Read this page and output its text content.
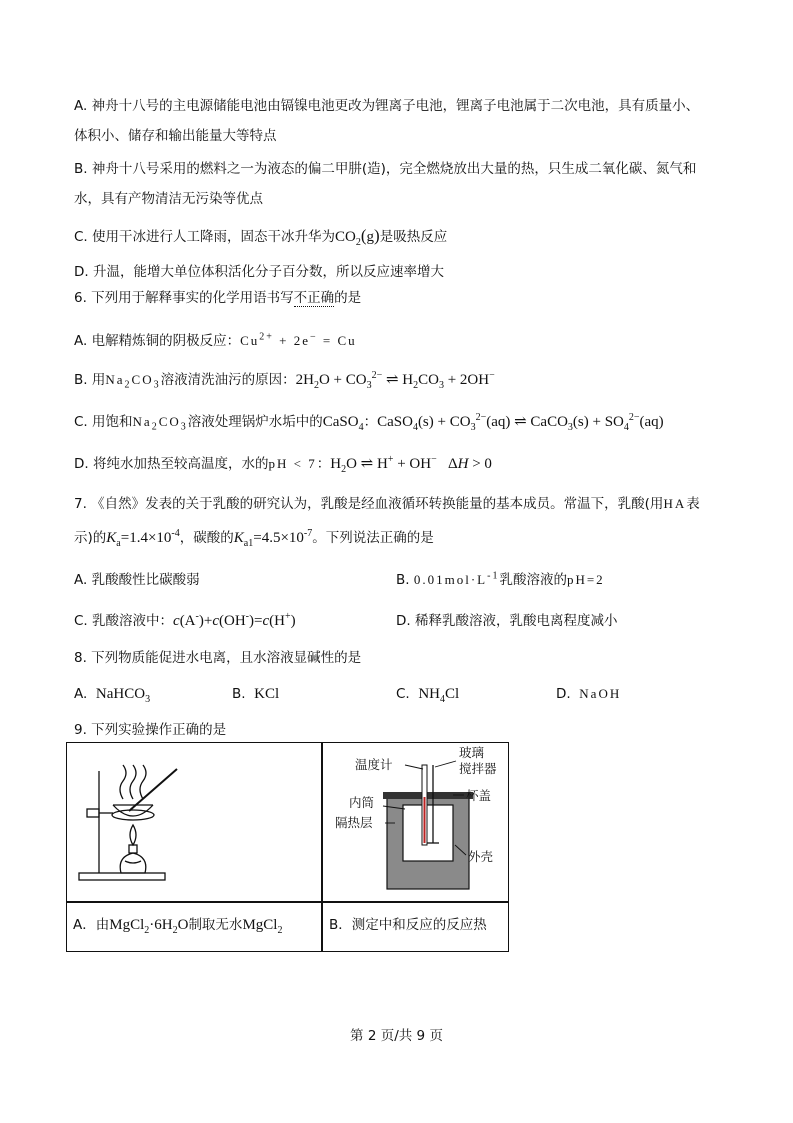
A. 神舟十八号的主电源储能电池由镉镍电池更改为锂离子电池，锂离子电池属于二次电池，具有质量小、
体积小、储存和输出能量大等特点
B. 神舟十八号采用的燃料之一为液态的偏二甲肼(造)，完全燃烧放出大量的热，只生成二氧化碳、氮气和
水，具有产物清洁无污染等优点
C. 使用干冰进行人工降雨，固态干冰升华为$CO_2(g)$是吸热反应
D. 升温，能增大单位体积活化分子百分数，所以反应速率增大
6. 下列用于解释事实的化学用语书写不正确的是
A. 电解精炼铜的阴极反应：$Cu^{2+} + 2e^- = Cu$
B. 用$Na_2CO_3$溶液清洗油污的原因：$2H_2O + CO_3^{2-}$ ⇌ $H_2CO_3 + 2OH^-$
C. 用饱和$Na_2CO_3$溶液处理锅炉水垢中的CaSO$_4$：CaSO$_4$(s) + $CO_3^{2-}(aq)$ ⇌ CaCO$_3$(s) + $SO_4^{2-}(aq)$
D. 将纯水加热至较高温度，水的pH < 7：$H_2O$ ⇌ H+ + OH−   ΔH > 0
7. 《自然》发表的关于乳酸的研究认为，乳酸是经血液循环转换能量的基本成员。常温下，乳酸(用HA表
示)的$K_a=1.4\times 10^{-4}$，碳酸的$K_{a1}=4.5\times 10^{-7}$。下列说法正确的是
A. 乳酸酸性比碳酸弱	B. $0.01mol\cdot L^{-1}$乳酸溶液的pH=2
C. 乳酸溶液中：c(A-)+c(OH-)=c(H+)	D. 稀释乳酸溶液，乳酸电离程度减小
8. 下列物质能促进水电离，且水溶液显碱性的是
A. NaHCO$_3$	B. KCl	C. $NH_4Cl$	D. NaOH
9. 下列实验操作正确的是
温度计
玻璃
搅拌器
杯盖
内筒
隔热层
外壳
A．由$MgCl_2\cdot 6H_2O$制取无水MgCl$_2$	B．测定中和反应的反应热
第 2 页/共 9 页
